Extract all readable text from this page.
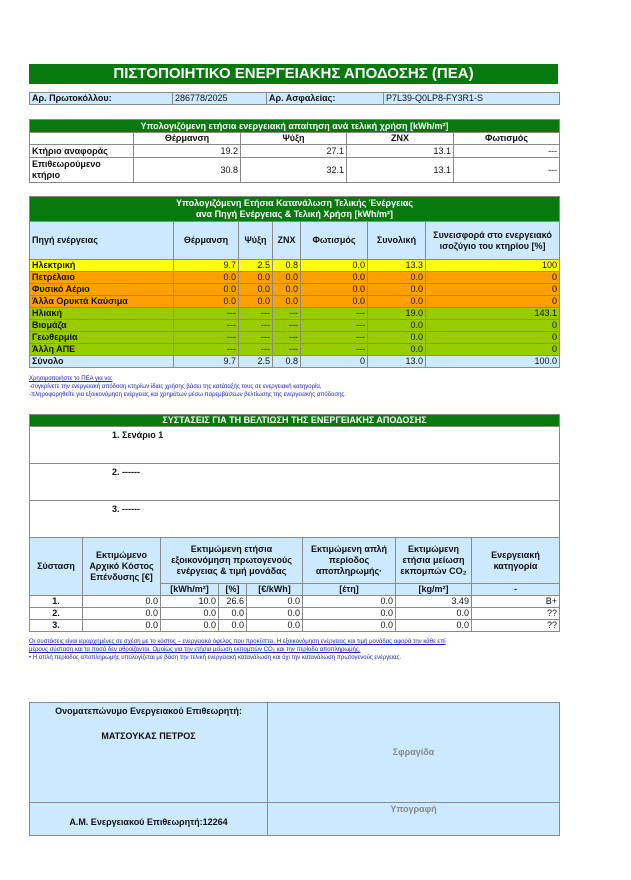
ΠΙΣΤΟΠΟΙΗΤΙΚΟ ΕΝΕΡΓΕΙΑΚΗΣ ΑΠΟΔΟΣΗΣ (ΠΕΑ)
Αρ. Πρωτοκόλλου:	286778/2025	Αρ. Ασφαλείας:	P7L39-Q0LP8-FY3R1-S
Υπολογιζόμενη ετήσια ενεργειακή απαίτηση ανά τελική χρήση [kWh/m²]				
	Θέρμανση	Ψύξη	ZNX	Φωτισμός
Κτήριο αναφοράς	19.2	27.1	13.1	---
Επιθεωρούμενο κτήριο	30.8	32.1	13.1	---
Υπολογιζόμενη Ετήσια Κατανάλωση Τελικής Ένέργειας
ανα Πηγή Ενέργειας & Τελική Χρήση [kWh/m²]						

Πηγή ενέργειας	Θέρμανση	Ψύξη	ZNX	Φωτισμός	Συνολική	Συνεισφορά στο ενεργειακό ισοζύγιο του κτηρίου [%]
Ηλεκτρική	9.7	2.5	0.8	0.0	13.3	100
Πετρέλαιο	0.0	0.0	0.0	0.0	0.0	0
Φυσικό Αέριο	0.0	0.0	0.0	0.0	0.0	0
Άλλα Ορυκτά Καύσιμα	0.0	0.0	0.0	0.0	0.0	0
Ηλιακή	---	---	---	---	19.0	143.1
Βιομάζα	---	---	---	---	0.0	0
Γεωθερμία	---	---	---	---	0.0	0
Άλλη ΑΠΕ	---	---	---	---	0.0	0
Σύνολο	9.7	2.5	0.8	0	13.0	100.0
Χρησιμοποιήστε το ΠΕΑ για να:
-συγκρίνετε την ενεργειακή απόδοση κτηρίων ίδιας χρήσης βάσει της κατάταξής τους σε ενεργειακή κατηγορία,
-πληροφορηθείτε για εξοικονόμηση ενέργειας και χρημάτων μέσω παρεμβάσεων βελτίωσης της ενεργειακής απόδοσης.
ΣΥΣΤΑΣΕΙΣ ΓΙΑ ΤΗ ΒΕΛΤΙΩΣΗ ΤΗΣ ΕΝΕΡΓΕΙΑΚΗΣ ΑΠΟΔΟΣΗΣ							
1. Σενάριο 1							
2. ------							
3. ------							
Σύσταση	Εκτιμώμενο Αρχικό Κόστος Επένδυσης [€]	Εκτιμώμενη ετήσια εξοικονόμηση πρωτογενούς ενέργειας & τιμή μονάδας			Εκτιμώμενη απλή περίοδος αποπληρωμής·	Εκτιμώμενη ετήσια μείωση εκπομπών CO₂	Ενεργειακή κατηγορία
		[kWh/m²]	[%]	[€/kWh]	[έτη]	[kg/m²]	-
1.	0.0	10.0	26.6	0.0	0.0	3.49	B+
2.	0.0	0.0	0.0	0.0	0.0	0.0	??
3.	0.0	0.0	0.0	0.0	0.0	0.0	??
Οι συστάσεις είναι ιεραρχημένες σε σχέση με το κόστος – ενεργειακό όφελος που προκύπτει. Η εξοικονόμηση ενέργειας και τιμή μονάδας αφορά την κάθε επί
μέρους σύσταση και τα ποσά δεν αθροίζονται. Ομοίως για την ετήσια μείωση εκπομπών CO₂ και την περίοδο αποπληρωμής.
• Η απλή περίοδος αποπληρωμής υπολογίζεται με βάση την τελική ενεργειακή κατανάλωση και όχι την κατανάλωση πρωτογενούς ενέργειας.
Ονοματεπώνυμο Ενεργειακού Επιθεωρητή:
ΜΑΤΣΟΥΚΑΣ ΠΕΤΡΟΣ	Σφραγίδα
Α.Μ. Ενεργειακού Επιθεωρητή:12264	Υπογραφή
